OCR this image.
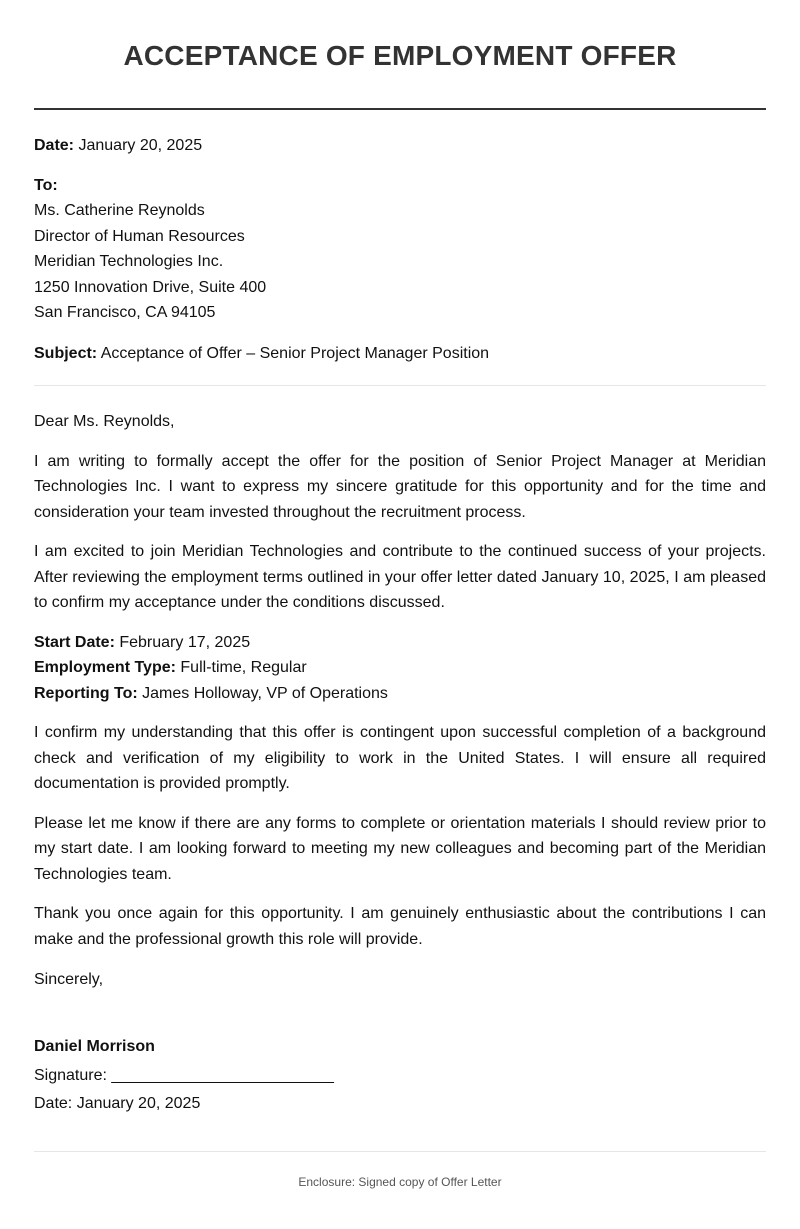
ACCEPTANCE OF EMPLOYMENT OFFER
Date: January 20, 2025
To:
Ms. Catherine Reynolds
Director of Human Resources
Meridian Technologies Inc.
1250 Innovation Drive, Suite 400
San Francisco, CA 94105
Subject: Acceptance of Offer – Senior Project Manager Position
Dear Ms. Reynolds,

I am writing to formally accept the offer for the position of Senior Project Manager at Meridian Technologies Inc. I want to express my sincere gratitude for this opportunity and for the time and consideration your team invested throughout the recruitment process.

I am excited to join Meridian Technologies and contribute to the continued success of your projects. After reviewing the employment terms outlined in your offer letter dated January 10, 2025, I am pleased to confirm my acceptance under the conditions discussed.

Start Date: February 17, 2025
Employment Type: Full-time, Regular
Reporting To: James Holloway, VP of Operations

I confirm my understanding that this offer is contingent upon successful completion of a background check and verification of my eligibility to work in the United States. I will ensure all required documentation is provided promptly.

Please let me know if there are any forms to complete or orientation materials I should review prior to my start date. I am looking forward to meeting my new colleagues and becoming part of the Meridian Technologies team.

Thank you once again for this opportunity. I am genuinely enthusiastic about the contributions I can make and the professional growth this role will provide.

Sincerely,
Daniel Morrison
Signature: _________________________
Date: January 20, 2025
Enclosure: Signed copy of Offer Letter
